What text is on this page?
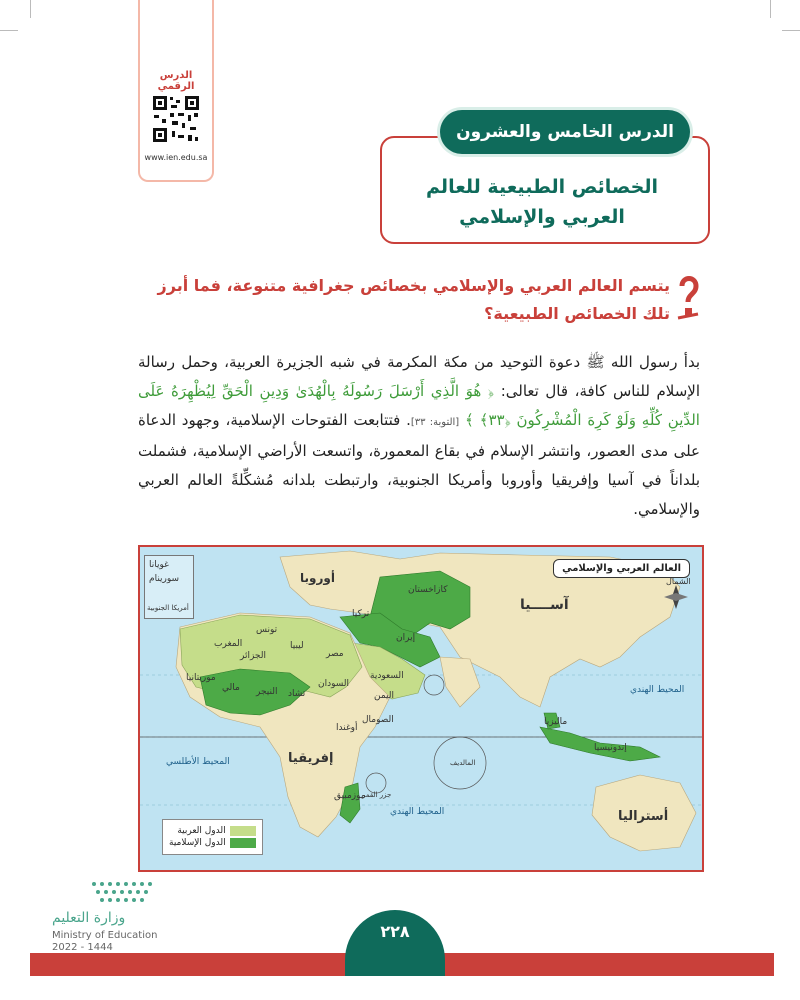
الدرس الرقمي
www.ien.edu.sa
الدرس الخامس والعشرون
الخصائص الطبيعية للعالم
العربي والإسلامي
يتسم العالم العربي والإسلامي بخصائص جغرافية متنوعة، فما أبرز تلك الخصائص الطبيعية؟
بدأ رسول الله ﷺ دعوة التوحيد من مكة المكرمة في شبه الجزيرة العربية، وحمل رسالة الإسلام للناس كافة، قال تعالى: ﴿ هُوَ الَّذِي أَرْسَلَ رَسُولَهُ بِالْهُدَىٰ وَدِينِ الْحَقِّ لِيُظْهِرَهُ عَلَى الدِّينِ كُلِّهِ وَلَوْ كَرِهَ الْمُشْرِكُونَ ﴿٣٣﴾ ﴾ [التوبة: ٣٣]. فتتابعت الفتوحات الإسلامية، وجهود الدعاة على مدى العصور، وانتشر الإسلام في بقاع المعمورة، واتسعت الأراضي الإسلامية، فشملت بلداناً في آسيا وإفريقيا وأوروبا وأمريكا الجنوبية، وارتبطت بلدانه مُشكِّلةً العالم العربي والإسلامي.
غويانا
سورينام
أمريكا الجنوبية
العالم العربي والإسلامي
الشمال
أوروبا
آســــيا
إفريقيا
أستراليا
المحيط الأطلسي
المحيط الهندي
المحيط الهندي
المغرب
الجزائر
تونس
ليبيا
مصر
السودان
موريتانيا
مالي النيجر تشاد
السعودية
اليمن
إيران
تركيا
كازاخستان
الصومال
أوغندا
موزمبيق
جزر القمر
المالديف
ماليزيا
إندونيسيا
الدول العربية
الدول الإسلامية
وزارة التعليم
Ministry of Education
2022 - 1444
٢٢٨
